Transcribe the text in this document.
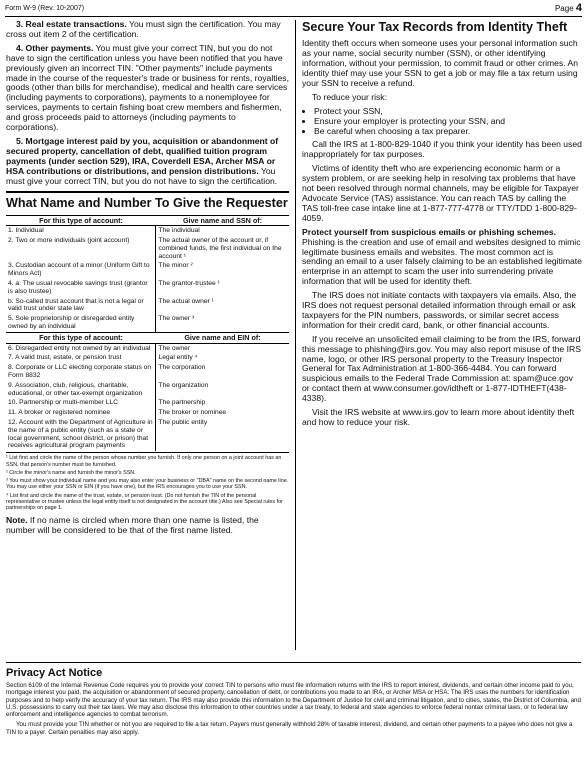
Form W-9 (Rev. 10-2007)	Page 4

3. Real estate transactions. You must sign the certification. You may cross out item 2 of the certification.

4. Other payments. You must give your correct TIN, but you do not have to sign the certification unless you have been notified that you have previously given an incorrect TIN. "Other payments" include payments made in the course of the requester's trade or business for rents, royalties, goods (other than bills for merchandise), medical and health care services (including payments to corporations), payments to a nonemployee for services, payments to certain fishing boat crew members and fishermen, and gross proceeds paid to attorneys (including payments to corporations).

5. Mortgage interest paid by you, acquisition or abandonment of secured property, cancellation of debt, qualified tuition program payments (under section 529), IRA, Coverdell ESA, Archer MSA or HSA contributions or distributions, and pension distributions. You must give your correct TIN, but you do not have to sign the certification.

What Name and Number To Give the Requester
For this type of account:	Give name and SSN of:
1. Individual	The individual
2. Two or more individuals (joint account)	The actual owner of the account or, if combined funds, the first individual on the account ¹
3. Custodian account of a minor (Uniform Gift to Minors Act)	The minor ²
4. a. The usual revocable savings trust (grantor is also trustee)	The grantor-trustee ¹
b. So-called trust account that is not a legal or valid trust under state law	The actual owner ¹
5. Sole proprietorship or disregarded entity owned by an individual	The owner ³
For this type of account:	Give name and EIN of:
6. Disregarded entity not owned by an individual	The owner
7. A valid trust, estate, or pension trust	Legal entity ⁴
8. Corporate or LLC electing corporate status on Form 8832	The corporation
9. Association, club, religious, charitable, educational, or other tax-exempt organization	The organization
10. Partnership or multi-member LLC	The partnership
11. A broker or registered nominee	The broker or nominee
12. Account with the Department of Agriculture in the name of a public entity (such as a state or local government, school district, or prison) that receives agricultural program payments	The public entity

¹ List first and circle the name of the person whose number you furnish. If only one person on a joint account has an SSN, that person's number must be furnished.

² Circle the minor's name and furnish the minor's SSN.

³ You must show your individual name and you may also enter your business or "DBA" name on the second name line. You may use either your SSN or EIN (if you have one), but the IRS encourages you to use your SSN.

⁴ List first and circle the name of the trust, estate, or pension trust. (Do not furnish the TIN of the personal representative or trustee unless the legal entity itself is not designated in the account title.) Also see Special rules for partnerships on page 1.

Note. If no name is circled when more than one name is listed, the number will be considered to be that of the first name listed.

Secure Your Tax Records from Identity Theft

Identity theft occurs when someone uses your personal information such as your name, social security number (SSN), or other identifying information, without your permission, to commit fraud or other crimes. An identity thief may use your SSN to get a job or may file a tax return using your SSN to receive a refund.

To reduce your risk:

• Protect your SSN,
• Ensure your employer is protecting your SSN, and
• Be careful when choosing a tax preparer.

Call the IRS at 1-800-829-1040 if you think your identity has been used inappropriately for tax purposes.

Victims of identity theft who are experiencing economic harm or a system problem, or are seeking help in resolving tax problems that have not been resolved through normal channels, may be eligible for Taxpayer Advocate Service (TAS) assistance. You can reach TAS by calling the TAS toll-free case intake line at 1-877-777-4778 or TTY/TDD 1-800-829-4059.

Protect yourself from suspicious emails or phishing schemes. Phishing is the creation and use of email and websites designed to mimic legitimate business emails and websites. The most common act is sending an email to a user falsely claiming to be an established legitimate enterprise in an attempt to scam the user into surrendering private information that will be used for identity theft.

The IRS does not initiate contacts with taxpayers via emails. Also, the IRS does not request personal detailed information through email or ask taxpayers for the PIN numbers, passwords, or similar secret access information for their credit card, bank, or other financial accounts.

If you receive an unsolicited email claiming to be from the IRS, forward this message to phishing@irs.gov. You may also report misuse of the IRS name, logo, or other IRS personal property to the Treasury Inspector General for Tax Administration at 1-800-366-4484. You can forward suspicious emails to the Federal Trade Commission at: spam@uce.gov or contact them at www.consumer.gov/idtheft or 1-877-IDTHEFT(438-4338).

Visit the IRS website at www.irs.gov to learn more about identity theft and how to reduce your risk.

Privacy Act Notice

Section 6109 of the Internal Revenue Code requires you to provide your correct TIN to persons who must file information returns with the IRS to report interest, dividends, and certain other income paid to you, mortgage interest you paid, the acquisition or abandonment of secured property, cancellation of debt, or contributions you made to an IRA, or Archer MSA or HSA. The IRS uses the numbers for identification purposes and to help verify the accuracy of your tax return. The IRS may also provide this information to the Department of Justice for civil and criminal litigation, and to cities, states, the District of Columbia, and U.S. possessions to carry out their tax laws. We may also disclose this information to other countries under a tax treaty, to federal and state agencies to enforce federal nontax criminal laws, or to federal law enforcement and intelligence agencies to combat terrorism.

You must provide your TIN whether or not you are required to file a tax return. Payers must generally withhold 28% of taxable interest, dividend, and certain other payments to a payee who does not give a TIN to a payer. Certain penalties may also apply.
